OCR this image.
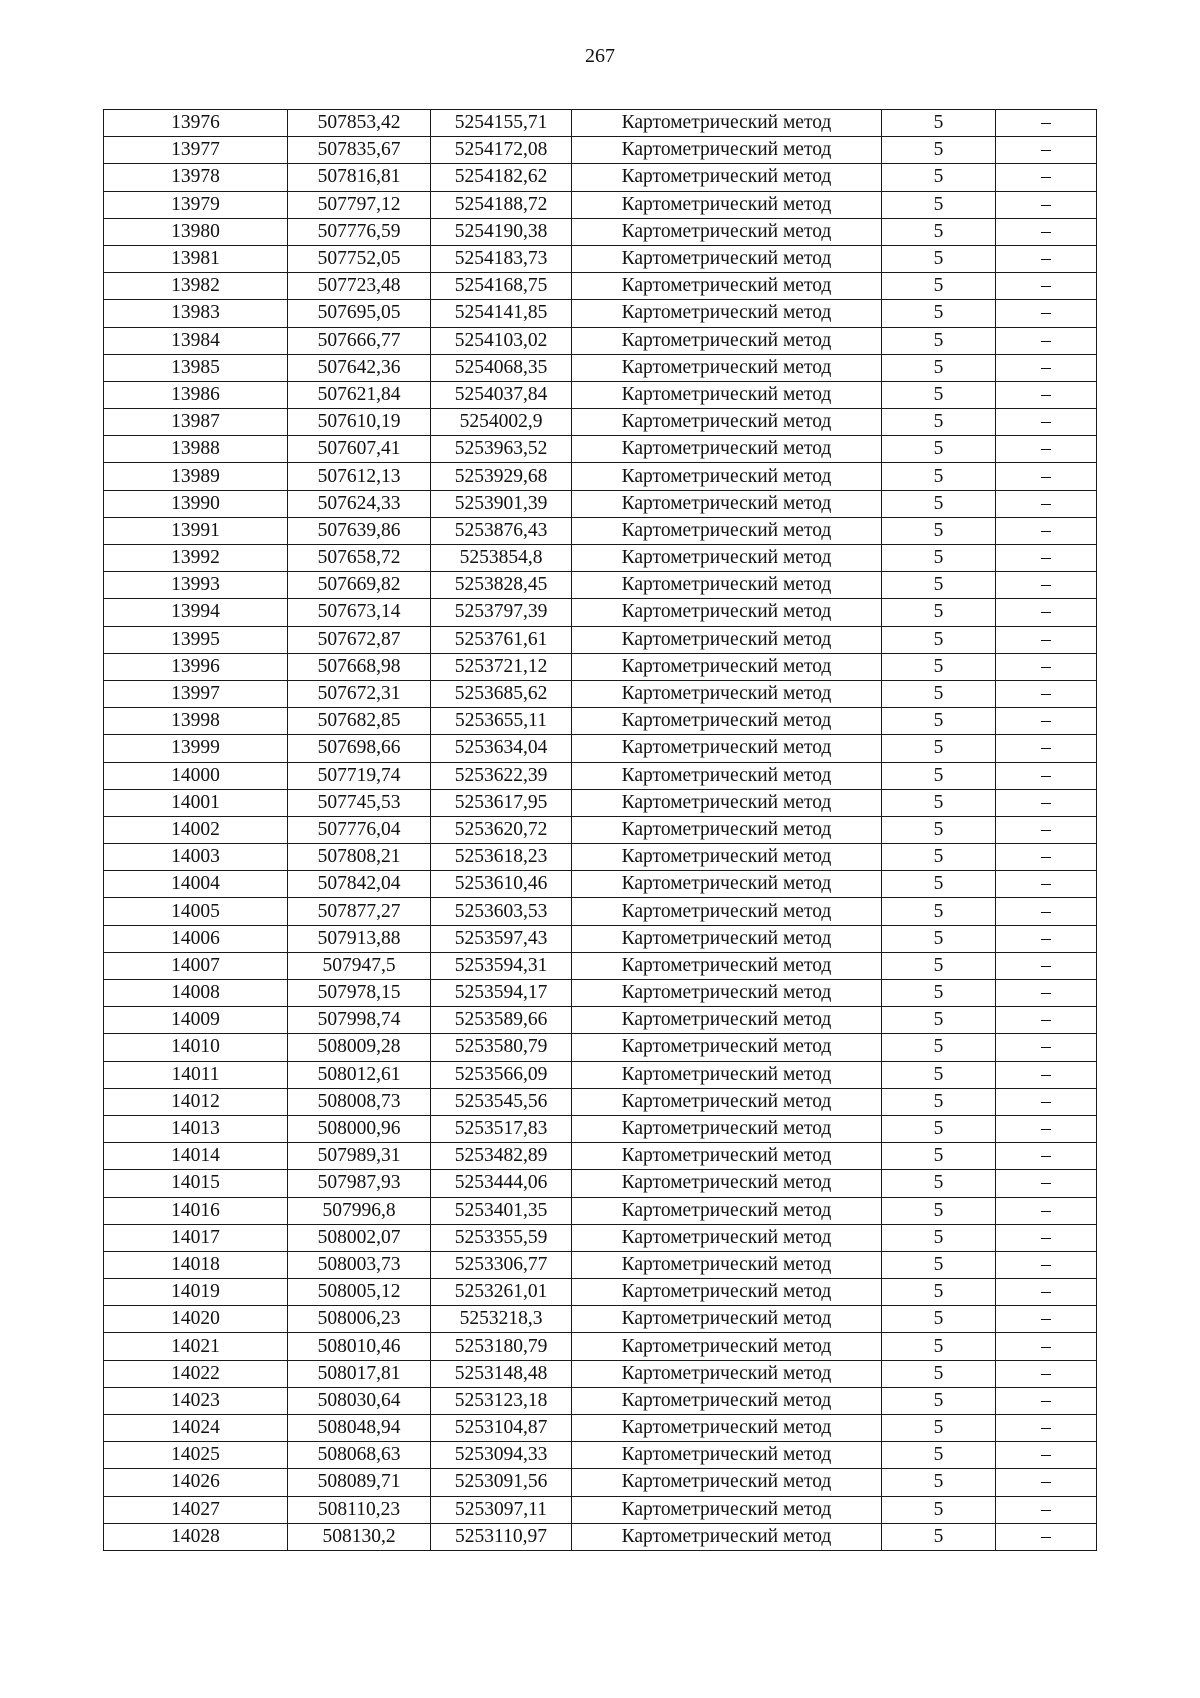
267
13976	507853,42	5254155,71	Картометрический метод	5	–
13977	507835,67	5254172,08	Картометрический метод	5	–
13978	507816,81	5254182,62	Картометрический метод	5	–
13979	507797,12	5254188,72	Картометрический метод	5	–
13980	507776,59	5254190,38	Картометрический метод	5	–
13981	507752,05	5254183,73	Картометрический метод	5	–
13982	507723,48	5254168,75	Картометрический метод	5	–
13983	507695,05	5254141,85	Картометрический метод	5	–
13984	507666,77	5254103,02	Картометрический метод	5	–
13985	507642,36	5254068,35	Картометрический метод	5	–
13986	507621,84	5254037,84	Картометрический метод	5	–
13987	507610,19	5254002,9	Картометрический метод	5	–
13988	507607,41	5253963,52	Картометрический метод	5	–
13989	507612,13	5253929,68	Картометрический метод	5	–
13990	507624,33	5253901,39	Картометрический метод	5	–
13991	507639,86	5253876,43	Картометрический метод	5	–
13992	507658,72	5253854,8	Картометрический метод	5	–
13993	507669,82	5253828,45	Картометрический метод	5	–
13994	507673,14	5253797,39	Картометрический метод	5	–
13995	507672,87	5253761,61	Картометрический метод	5	–
13996	507668,98	5253721,12	Картометрический метод	5	–
13997	507672,31	5253685,62	Картометрический метод	5	–
13998	507682,85	5253655,11	Картометрический метод	5	–
13999	507698,66	5253634,04	Картометрический метод	5	–
14000	507719,74	5253622,39	Картометрический метод	5	–
14001	507745,53	5253617,95	Картометрический метод	5	–
14002	507776,04	5253620,72	Картометрический метод	5	–
14003	507808,21	5253618,23	Картометрический метод	5	–
14004	507842,04	5253610,46	Картометрический метод	5	–
14005	507877,27	5253603,53	Картометрический метод	5	–
14006	507913,88	5253597,43	Картометрический метод	5	–
14007	507947,5	5253594,31	Картометрический метод	5	–
14008	507978,15	5253594,17	Картометрический метод	5	–
14009	507998,74	5253589,66	Картометрический метод	5	–
14010	508009,28	5253580,79	Картометрический метод	5	–
14011	508012,61	5253566,09	Картометрический метод	5	–
14012	508008,73	5253545,56	Картометрический метод	5	–
14013	508000,96	5253517,83	Картометрический метод	5	–
14014	507989,31	5253482,89	Картометрический метод	5	–
14015	507987,93	5253444,06	Картометрический метод	5	–
14016	507996,8	5253401,35	Картометрический метод	5	–
14017	508002,07	5253355,59	Картометрический метод	5	–
14018	508003,73	5253306,77	Картометрический метод	5	–
14019	508005,12	5253261,01	Картометрический метод	5	–
14020	508006,23	5253218,3	Картометрический метод	5	–
14021	508010,46	5253180,79	Картометрический метод	5	–
14022	508017,81	5253148,48	Картометрический метод	5	–
14023	508030,64	5253123,18	Картометрический метод	5	–
14024	508048,94	5253104,87	Картометрический метод	5	–
14025	508068,63	5253094,33	Картометрический метод	5	–
14026	508089,71	5253091,56	Картометрический метод	5	–
14027	508110,23	5253097,11	Картометрический метод	5	–
14028	508130,2	5253110,97	Картометрический метод	5	–
